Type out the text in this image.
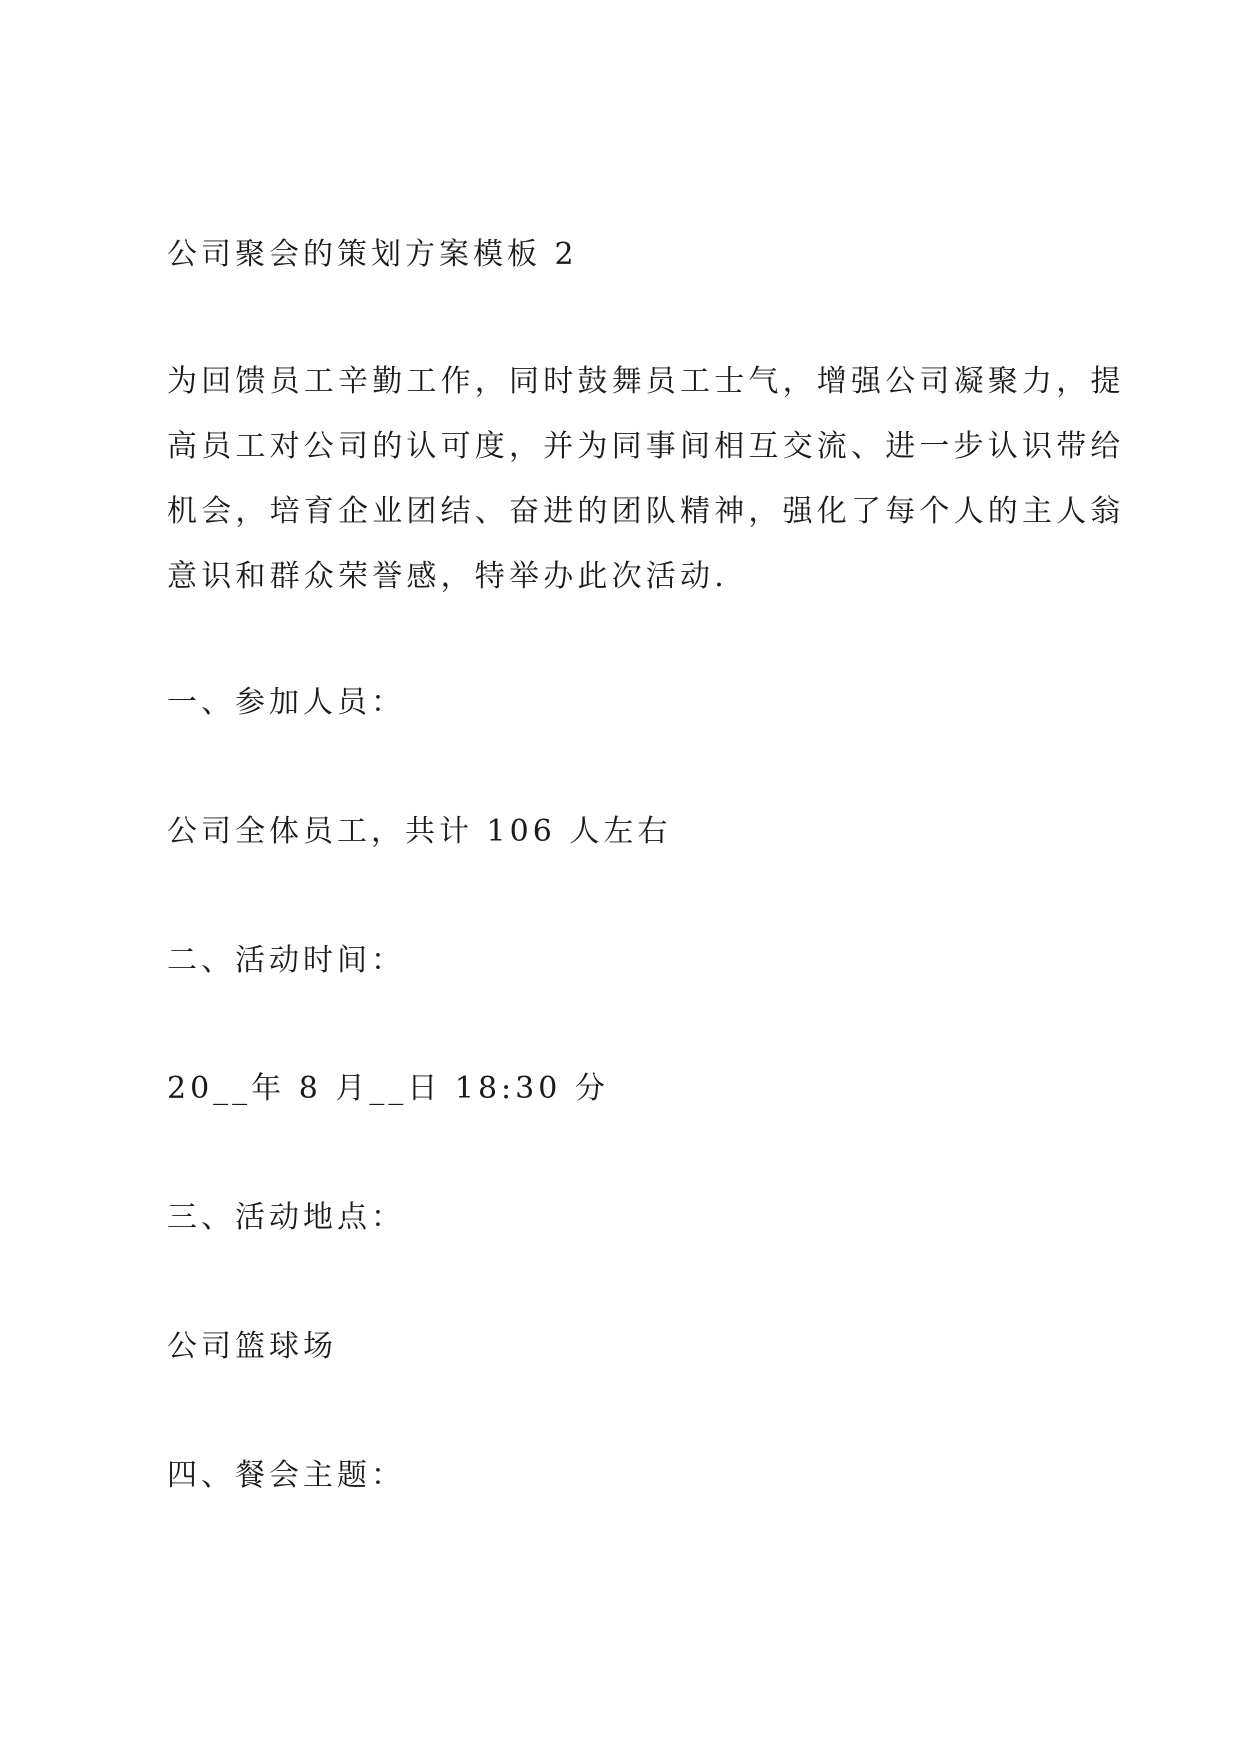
公司聚会的策划方案模板 2

为回馈员工辛勤工作，同时鼓舞员工士气，增强公司凝聚力，提
高员工对公司的认可度，并为同事间相互交流、进一步认识带给
机会，培育企业团结、奋进的团队精神，强化了每个人的主人翁
意识和群众荣誉感，特举办此次活动.

一、参加人员：

公司全体员工，共计 106 人左右

二、活动时间：

20__年 8 月__日 18:30 分

三、活动地点：

公司篮球场

四、餐会主题：
